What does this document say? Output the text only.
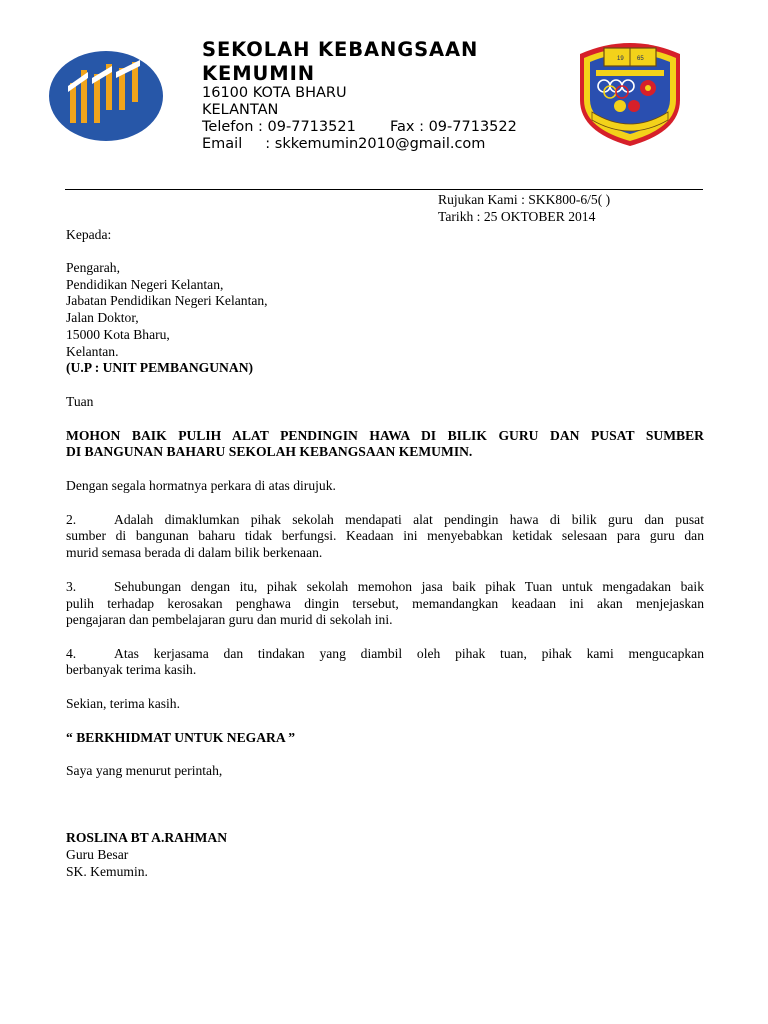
19 65
SEKOLAH KEBANGSAAN
KEMUMIN
16100 KOTA BHARU
KELANTAN
Telefon : 09-7713521 Fax : 09-7713522
Email     : skkemumin2010@gmail.com
Rujukan Kami : SKK800-6/5( )
Tarikh : 25 OKTOBER 2014
Kepada:
Pengarah,
Pendidikan Negeri Kelantan,
Jabatan Pendidikan Negeri Kelantan,
Jalan Doktor,
15000 Kota Bharu,
Kelantan.
(U.P : UNIT PEMBANGUNAN)
Tuan
MOHON BAIK PULIH ALAT PENDINGIN HAWA DI BILIK GURU DAN PUSAT SUMBER
DI BANGUNAN BAHARU SEKOLAH KEBANGSAAN KEMUMIN.
Dengan segala hormatnya perkara di atas dirujuk.
2.	Adalah dimaklumkan pihak sekolah mendapati alat pendingin hawa di bilik guru dan pusat
sumber di bangunan baharu tidak berfungsi. Keadaan ini menyebabkan ketidak selesaan para guru dan
murid semasa berada di dalam bilik berkenaan.
3.	Sehubungan dengan itu, pihak sekolah memohon jasa baik pihak Tuan untuk mengadakan baik
pulih terhadap kerosakan penghawa dingin tersebut, memandangkan keadaan ini akan menjejaskan
pengajaran dan pembelajaran guru dan murid di sekolah ini.
4.	Atas kerjasama dan tindakan yang diambil oleh pihak tuan, pihak kami mengucapkan
berbanyak terima kasih.
Sekian, terima kasih.
“ BERKHIDMAT UNTUK NEGARA ”
Saya yang menurut perintah,
ROSLINA BT A.RAHMAN
Guru Besar
SK. Kemumin.
